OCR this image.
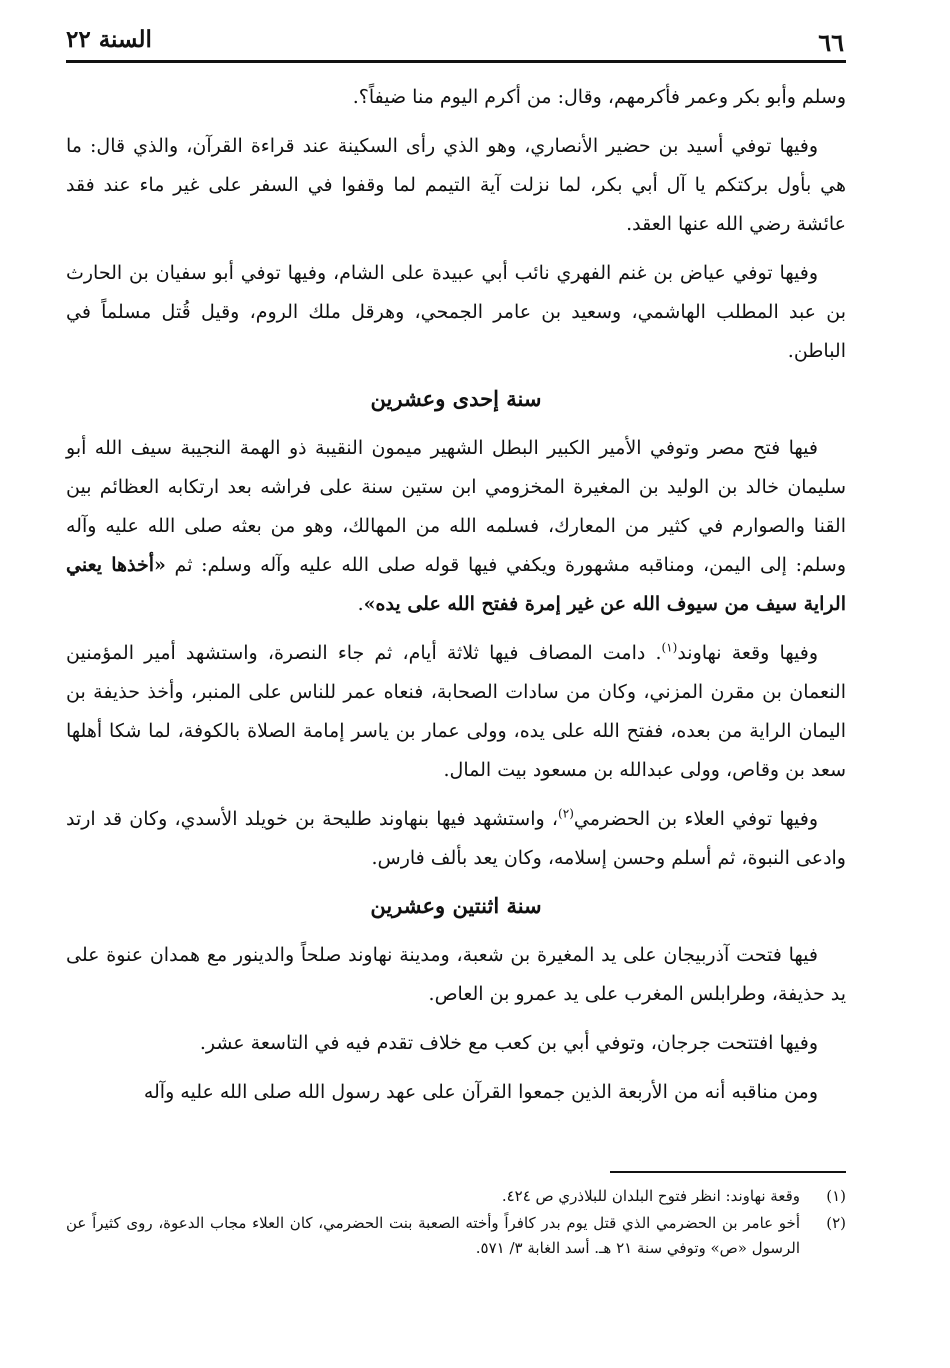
٦٦
السنة ٢٢

وسلم وأبو بكر وعمر فأكرمهم، وقال: من أكرم اليوم منا ضيفاً؟.

وفيها توفي أسيد بن حضير الأنصاري، وهو الذي رأى السكينة عند قراءة القرآن، والذي قال: ما هي بأول بركتكم يا آل أبي بكر، لما نزلت آية التيمم لما وقفوا في السفر على غير ماء عند فقد عائشة رضي الله عنها العقد.

وفيها توفي عياض بن غنم الفهري نائب أبي عبيدة على الشام، وفيها توفي أبو سفيان بن الحارث بن عبد المطلب الهاشمي، وسعيد بن عامر الجمحي، وهرقل ملك الروم، وقيل قُتل مسلماً في الباطن.

سنة إحدى وعشرين

فيها فتح مصر وتوفي الأمير الكبير البطل الشهير ميمون النقيبة ذو الهمة النجيبة سيف الله أبو سليمان خالد بن الوليد بن المغيرة المخزومي ابن ستين سنة على فراشه بعد ارتكابه العظائم بين القنا والصوارم في كثير من المعارك، فسلمه الله من المهالك، وهو من بعثه صلى الله عليه وآله وسلم: إلى اليمن، ومناقبه مشهورة ويكفي فيها قوله صلى الله عليه وآله وسلم: ثم «أخذها يعني الراية سيف من سيوف الله عن غير إمرة ففتح الله على يده».

وفيها وقعة نهاوند$^{(١)}$. دامت المصاف فيها ثلاثة أيام، ثم جاء النصرة، واستشهد أمير المؤمنين النعمان بن مقرن المزني، وكان من سادات الصحابة، فنعاه عمر للناس على المنبر، وأخذ حذيفة بن اليمان الراية من بعده، ففتح الله على يده، وولى عمار بن ياسر إمامة الصلاة بالكوفة، لما شكا أهلها سعد بن وقاص، وولى عبدالله بن مسعود بيت المال.

وفيها توفي العلاء بن الحضرمي$^{(٢)}$، واستشهد فيها بنهاوند طليحة بن خويلد الأسدي، وكان قد ارتد وادعى النبوة، ثم أسلم وحسن إسلامه، وكان يعد بألف فارس.

سنة اثنتين وعشرين

فيها فتحت آذربيجان على يد المغيرة بن شعبة، ومدينة نهاوند صلحاً والدينور مع همدان عنوة على يد حذيفة، وطرابلس المغرب على يد عمرو بن العاص.

وفيها افتتحت جرجان، وتوفي أبي بن كعب مع خلاف تقدم فيه في التاسعة عشر.

ومن مناقبه أنه من الأربعة الذين جمعوا القرآن على عهد رسول الله صلى الله عليه وآله

(١)
وقعة نهاوند: انظر فتوح البلدان للبلاذري ص ٤٢٤.
(٢)
أخو عامر بن الحضرمي الذي قتل يوم بدر كافراً وأخته الصعبة بنت الحضرمي، كان العلاء مجاب الدعوة، روى كثيراً عن الرسول «ص» وتوفي سنة ٢١ هـ. أسد الغابة ٣/ ٥٧١.
